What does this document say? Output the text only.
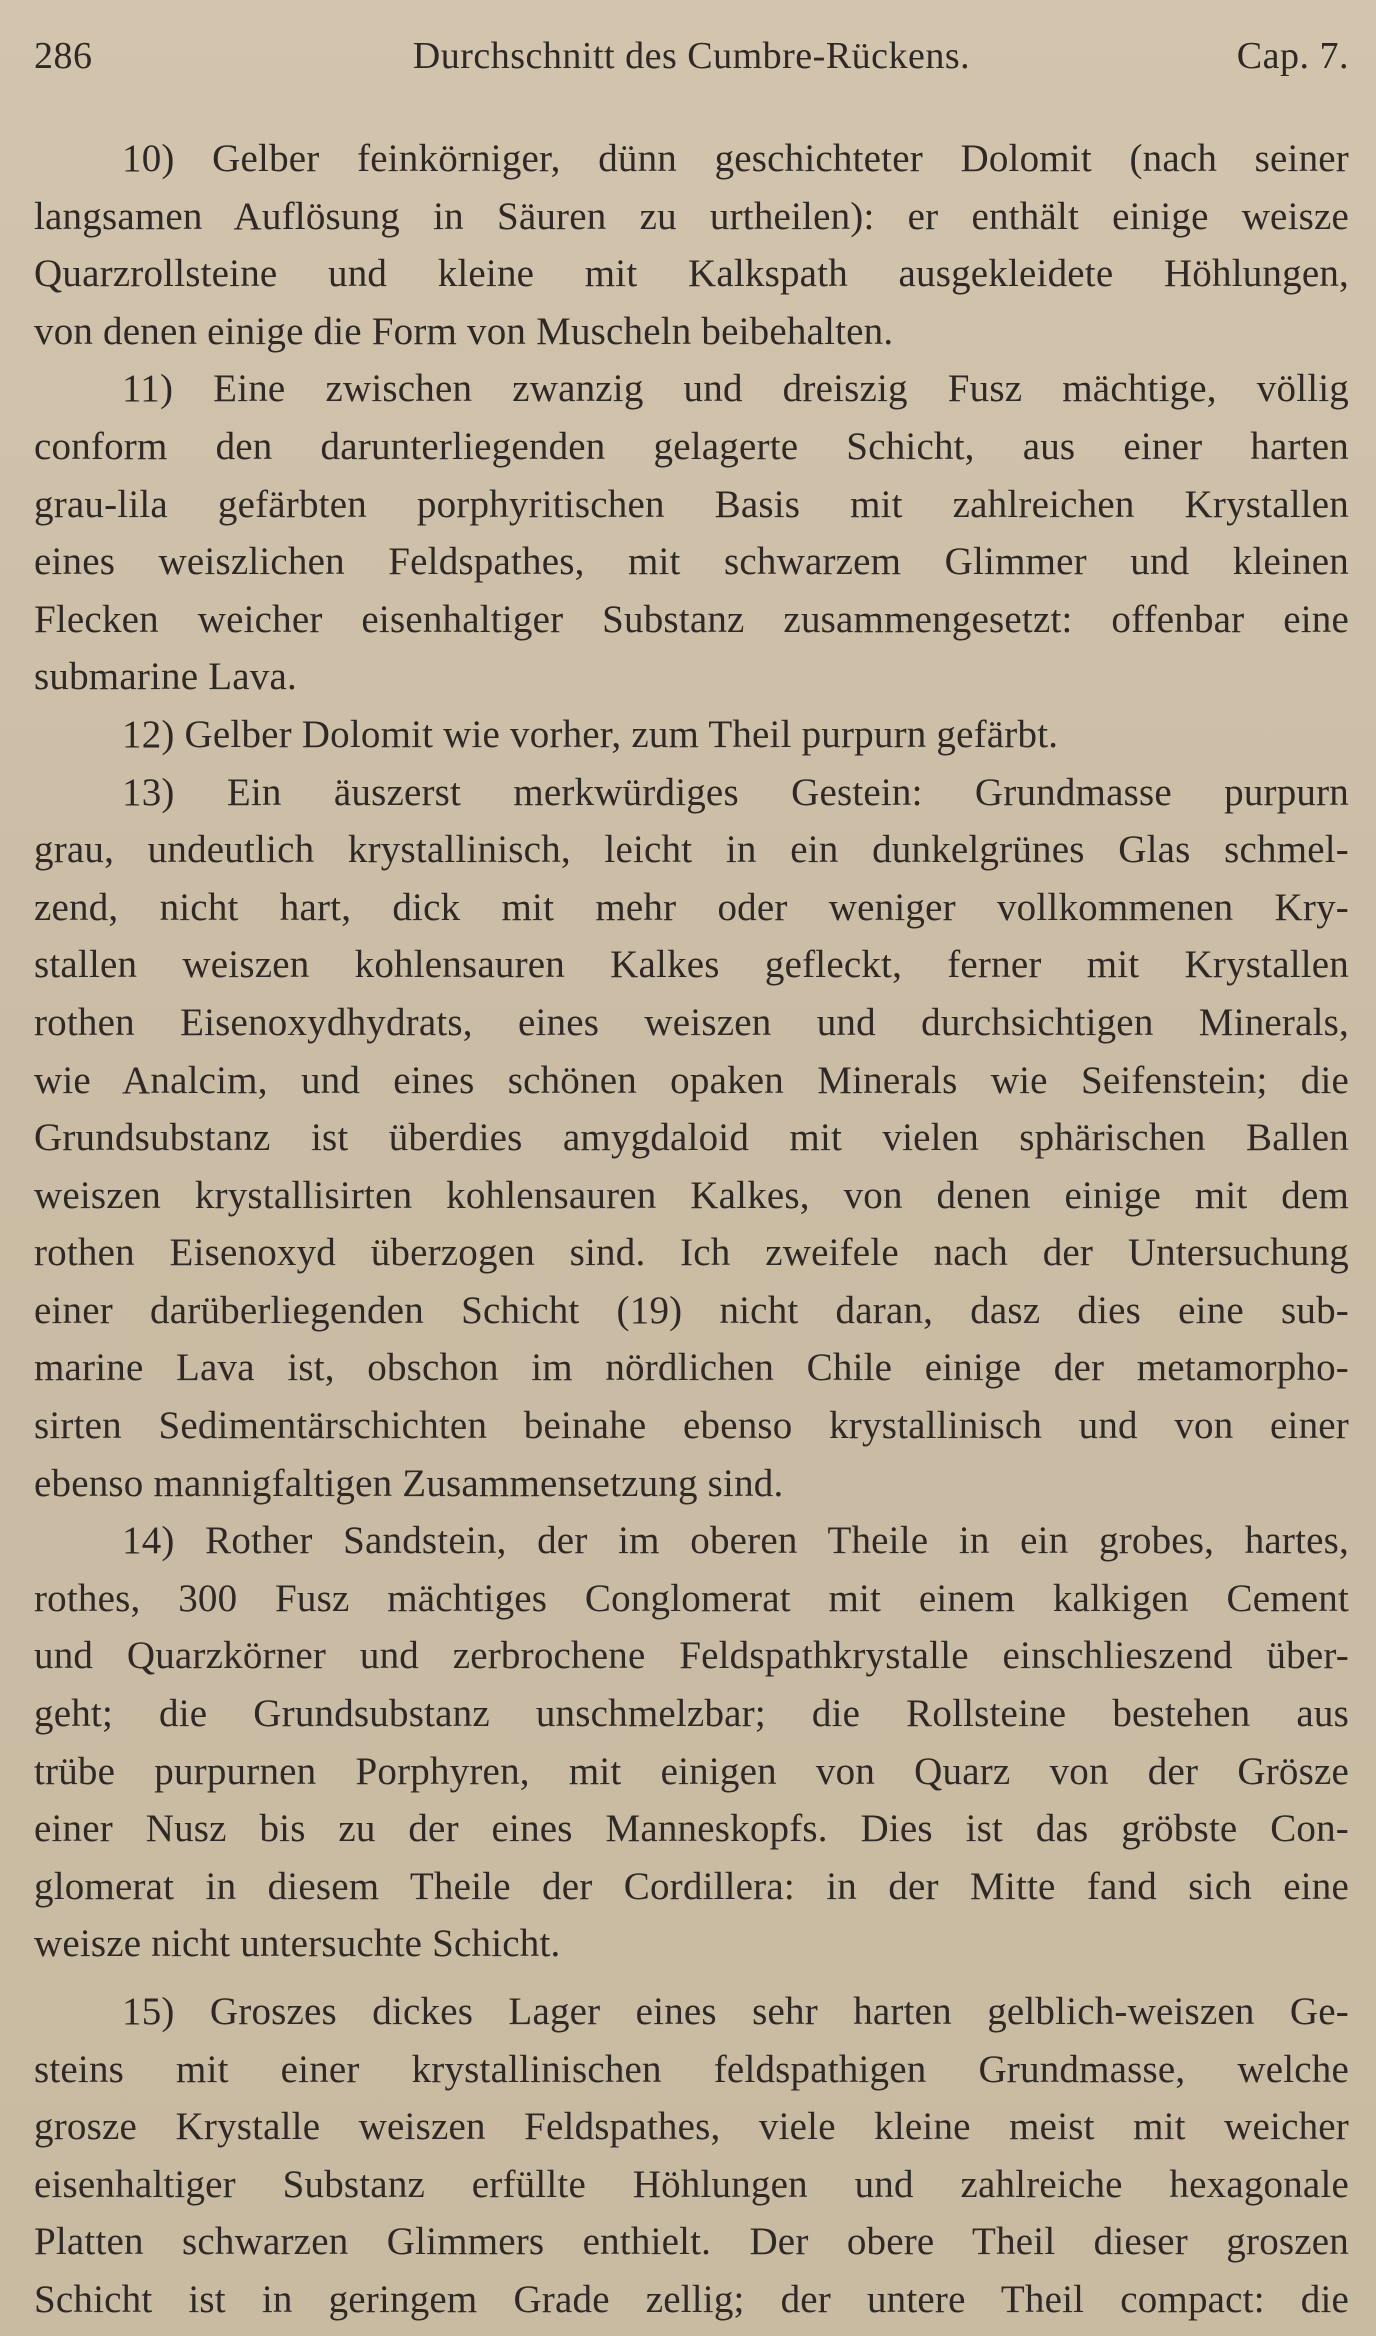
286	Durchschnitt des Cumbre-Rückens.	Cap. 7.
10) Gelber feinkörniger, dünn geschichteter Dolomit (nach seiner
langsamen Auflösung in Säuren zu urtheilen): er enthält einige weisze
Quarzrollsteine und kleine mit Kalkspath ausgekleidete Höhlungen,
von denen einige die Form von Muscheln beibehalten.
11) Eine zwischen zwanzig und dreiszig Fusz mächtige, völlig
conform den darunterliegenden gelagerte Schicht, aus einer harten
grau-lila gefärbten porphyritischen Basis mit zahlreichen Krystallen
eines weiszlichen Feldspathes, mit schwarzem Glimmer und kleinen
Flecken weicher eisenhaltiger Substanz zusammengesetzt: offenbar eine
submarine Lava.
12) Gelber Dolomit wie vorher, zum Theil purpurn gefärbt.
13) Ein äuszerst merkwürdiges Gestein: Grundmasse purpurn
grau, undeutlich krystallinisch, leicht in ein dunkelgrünes Glas schmel-
zend, nicht hart, dick mit mehr oder weniger vollkommenen Kry-
stallen weiszen kohlensauren Kalkes gefleckt, ferner mit Krystallen
rothen Eisenoxydhydrats, eines weiszen und durchsichtigen Minerals,
wie Analcim, und eines schönen opaken Minerals wie Seifenstein; die
Grundsubstanz ist überdies amygdaloid mit vielen sphärischen Ballen
weiszen krystallisirten kohlensauren Kalkes, von denen einige mit dem
rothen Eisenoxyd überzogen sind. Ich zweifele nach der Untersuchung
einer darüberliegenden Schicht (19) nicht daran, dasz dies eine sub-
marine Lava ist, obschon im nördlichen Chile einige der metamorpho-
sirten Sedimentärschichten beinahe ebenso krystallinisch und von einer
ebenso mannigfaltigen Zusammensetzung sind.
14) Rother Sandstein, der im oberen Theile in ein grobes, hartes,
rothes, 300 Fusz mächtiges Conglomerat mit einem kalkigen Cement
und Quarzkörner und zerbrochene Feldspathkrystalle einschlieszend über-
geht; die Grundsubstanz unschmelzbar; die Rollsteine bestehen aus
trübe purpurnen Porphyren, mit einigen von Quarz von der Grösze
einer Nusz bis zu der eines Manneskopfs. Dies ist das gröbste Con-
glomerat in diesem Theile der Cordillera: in der Mitte fand sich eine
weisze nicht untersuchte Schicht.
15) Groszes dickes Lager eines sehr harten gelblich-weiszen Ge-
steins mit einer krystallinischen feldspathigen Grundmasse, welche
grosze Krystalle weiszen Feldspathes, viele kleine meist mit weicher
eisenhaltiger Substanz erfüllte Höhlungen und zahlreiche hexagonale
Platten schwarzen Glimmers enthielt. Der obere Theil dieser groszen
Schicht ist in geringem Grade zellig; der untere Theil compact: die
